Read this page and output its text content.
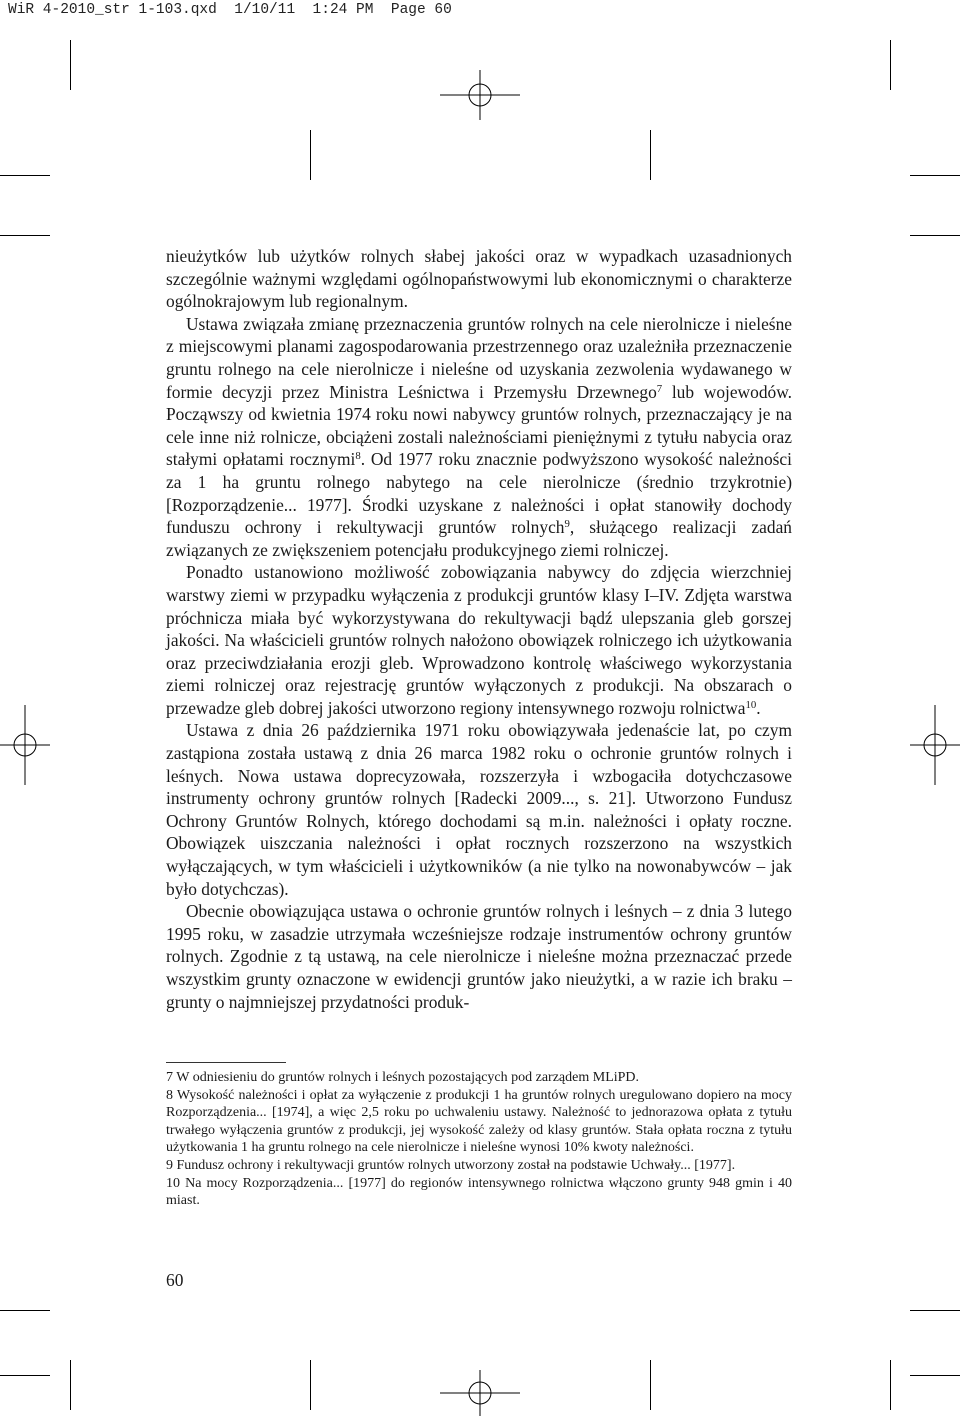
WiR 4-2010_str 1-103.qxd  1/10/11  1:24 PM  Page 60

nieużytków lub użytków rolnych słabej jakości oraz w wypadkach uzasadnionych szczególnie ważnymi względami ogólnopaństwowymi lub ekonomicznymi o charakterze ogólnokrajowym lub regionalnym.

Ustawa związała zmianę przeznaczenia gruntów rolnych na cele nierolnicze i nieleśne z miejscowymi planami zagospodarowania przestrzennego oraz uzależniła przeznaczenie gruntu rolnego na cele nierolnicze i nieleśne od uzyskania zezwolenia wydawanego w formie decyzji przez Ministra Leśnictwa i Przemysłu Drzewnego$^7$ lub wojewodów. Począwszy od kwietnia 1974 roku nowi nabywcy gruntów rolnych, przeznaczający je na cele inne niż rolnicze, obciążeni zostali należnościami pieniężnymi z tytułu nabycia oraz stałymi opłatami rocznymi$^8$. Od 1977 roku znacznie podwyższono wysokość należności za 1 ha gruntu rolnego nabytego na cele nierolnicze (średnio trzykrotnie) [Rozporządzenie... 1977]. Środki uzyskane z należności i opłat stanowiły dochody funduszu ochrony i rekultywacji gruntów rolnych$^9$, służącego realizacji zadań związanych ze zwiększeniem potencjału produkcyjnego ziemi rolniczej.

Ponadto ustanowiono możliwość zobowiązania nabywcy do zdjęcia wierzchniej warstwy ziemi w przypadku wyłączenia z produkcji gruntów klasy I–IV. Zdjęta warstwa próchnicza miała być wykorzystywana do rekultywacji bądź ulepszania gleb gorszej jakości. Na właścicieli gruntów rolnych nałożono obowiązek rolniczego ich użytkowania oraz przeciwdziałania erozji gleb. Wprowadzono kontrolę właściwego wykorzystania ziemi rolniczej oraz rejestrację gruntów wyłączonych z produkcji. Na obszarach o przewadze gleb dobrej jakości utworzono regiony intensywnego rozwoju rolnictwa$^{10}$.

Ustawa z dnia 26 października 1971 roku obowiązywała jedenaście lat, po czym zastąpiona została ustawą z dnia 26 marca 1982 roku o ochronie gruntów rolnych i leśnych. Nowa ustawa doprecyzowała, rozszerzyła i wzbogaciła dotychczasowe instrumenty ochrony gruntów rolnych [Radecki 2009..., s. 21]. Utworzono Fundusz Ochrony Gruntów Rolnych, którego dochodami są m.in. należności i opłaty roczne. Obowiązek uiszczania należności i opłat rocznych rozszerzono na wszystkich wyłączających, w tym właścicieli i użytkowników (a nie tylko na nowonabywców – jak było dotychczas).

Obecnie obowiązująca ustawa o ochronie gruntów rolnych i leśnych – z dnia 3 lutego 1995 roku, w zasadzie utrzymała wcześniejsze rodzaje instrumentów ochrony gruntów rolnych. Zgodnie z tą ustawą, na cele nierolnicze i nieleśne można przeznaczać przede wszystkim grunty oznaczone w ewidencji gruntów jako nieużytki, a w razie ich braku – grunty o najmniejszej przydatności produk-

7 W odniesieniu do gruntów rolnych i leśnych pozostających pod zarządem MLiPD.

8 Wysokość należności i opłat za wyłączenie z produkcji 1 ha gruntów rolnych uregulowano dopiero na mocy Rozporządzenia... [1974], a więc 2,5 roku po uchwaleniu ustawy. Należność to jednorazowa opłata z tytułu trwałego wyłączenia gruntów z produkcji, jej wysokość zależy od klasy gruntów. Stała opłata roczna z tytułu użytkowania 1 ha gruntu rolnego na cele nierolnicze i nieleśne wynosi 10% kwoty należności.

9 Fundusz ochrony i rekultywacji gruntów rolnych utworzony został na podstawie Uchwały... [1977].

10 Na mocy Rozporządzenia... [1977] do regionów intensywnego rolnictwa włączono grunty 948 gmin i 40 miast.

60
